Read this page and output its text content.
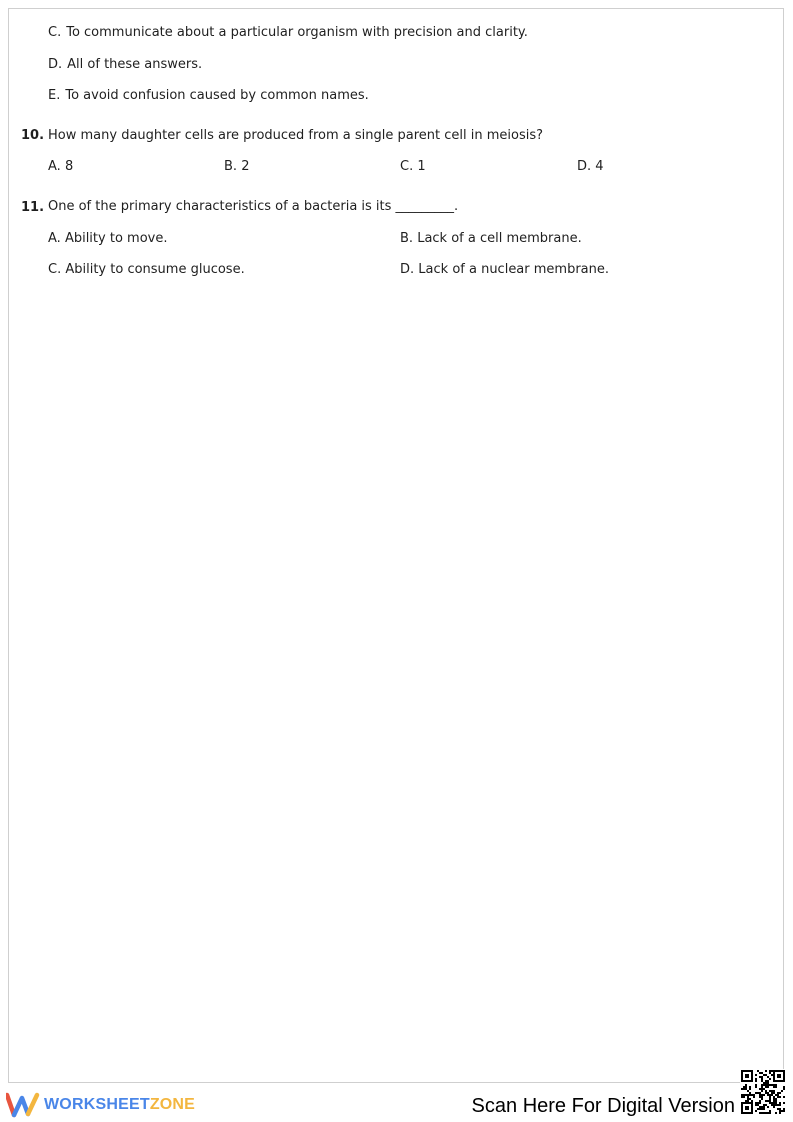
C. To communicate about a particular organism with precision and clarity.
D. All of these answers.
E. To avoid confusion caused by common names.
10. How many daughter cells are produced from a single parent cell in meiosis?
A. 8	B. 2	C. 1	D. 4
11. One of the primary characteristics of a bacteria is its _________.
A. Ability to move.	B. Lack of a cell membrane.
C. Ability to consume glucose.	D. Lack of a nuclear membrane.
WORKSHEETZONE	Scan Here For Digital Version
